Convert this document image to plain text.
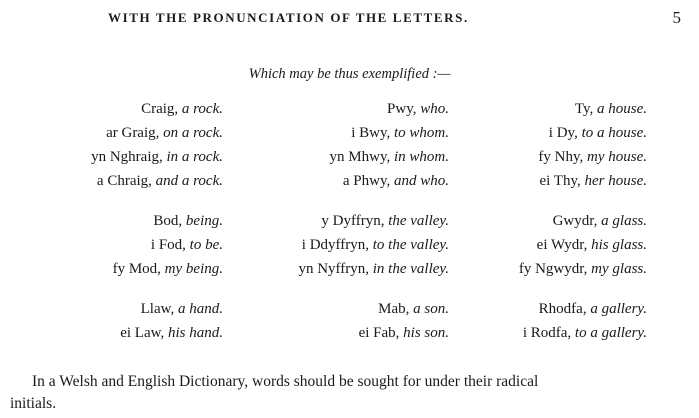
WITH THE PRONUNCIATION OF THE LETTERS.	5
Which may be thus exemplified :—
Craig, a rock.	Pwy, who.	Ty, a house.
ar Graig, on a rock.	i Bwy, to whom.	i Dy, to a house.
yn Nghraig, in a rock.	yn Mhwy, in whom.	fy Nhy, my house.
a Chraig, and a rock.	a Phwy, and who.	ei Thy, her house.
Bod, being.	y Dyffryn, the valley.	Gwydr, a glass.
i Fod, to be.	i Ddyffryn, to the valley.	ei Wydr, his glass.
fy Mod, my being.	yn Nyffryn, in the valley.	fy Ngwydr, my glass.
Llaw, a hand.	Mab, a son.	Rhodfa, a gallery.
ei Law, his hand.	ei Fab, his son.	i Rodfa, to a gallery.
In a Welsh and English Dictionary, words should be sought for under their radical
initials.
